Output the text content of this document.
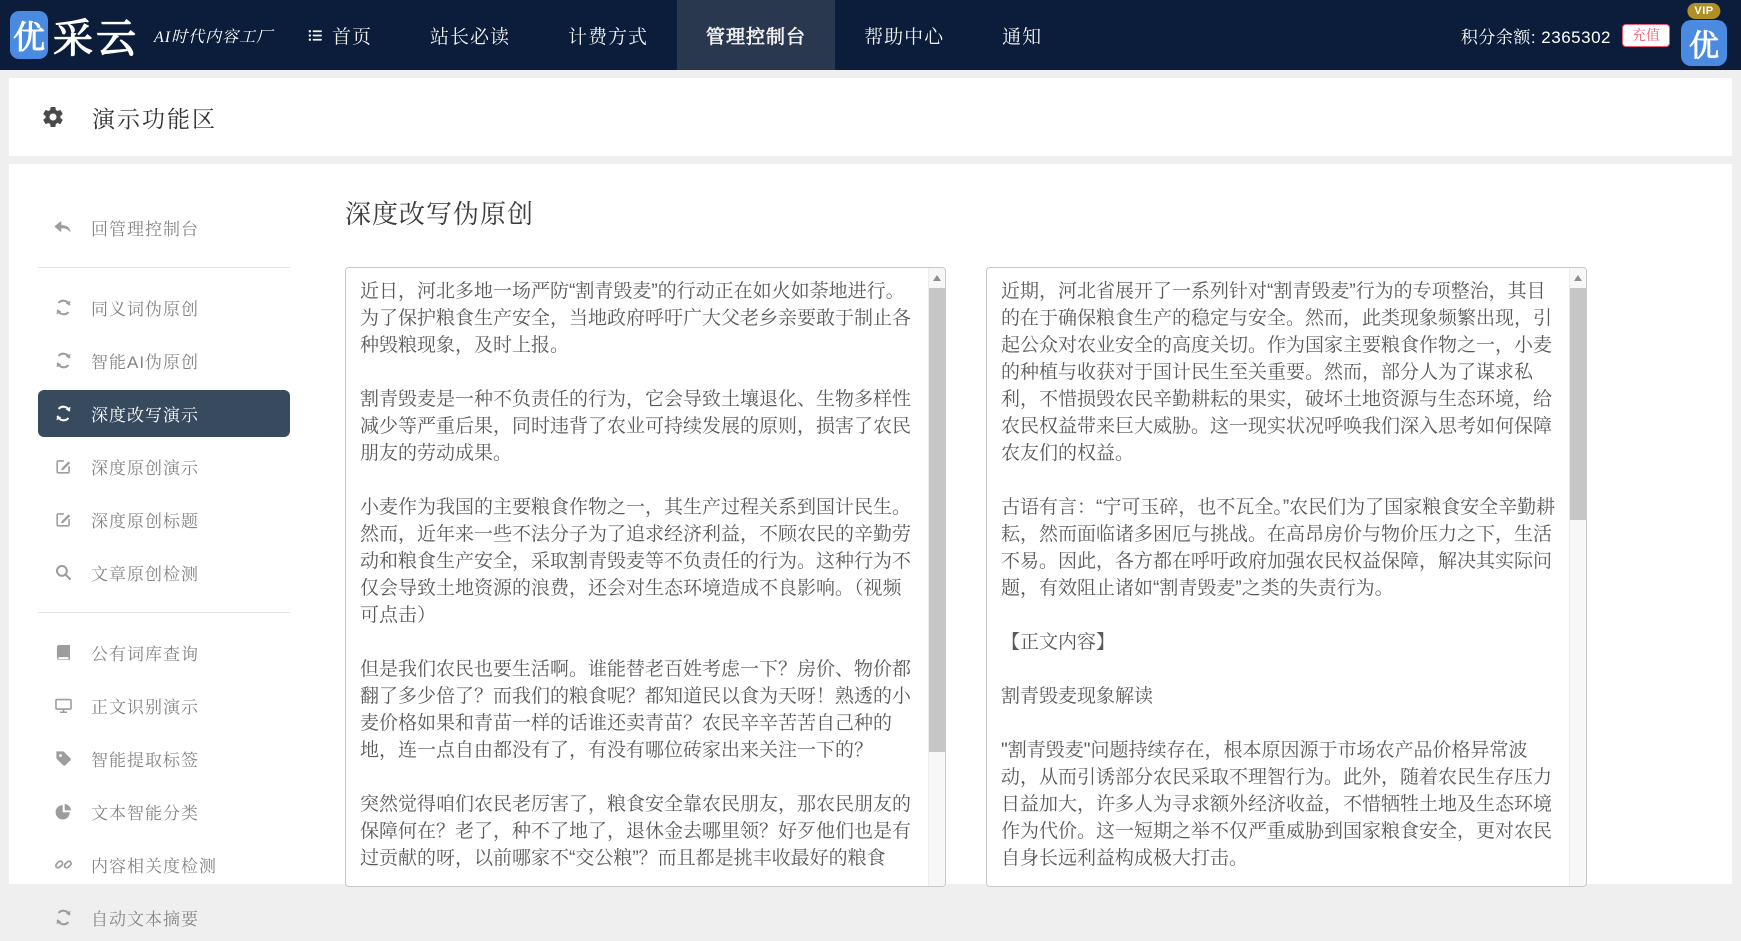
优 采云 AI时代内容工厂	首页	站长必读	计费方式	管理控制台	帮助中心	通知	积分余额: 2365302	充值
VIP
优
演示功能区
回管理控制台
同义词伪原创
智能AI伪原创
深度改写演示
深度原创演示
深度原创标题
文章原创检测
公有词库查询
正文识别演示
智能提取标签
文本智能分类
内容相关度检测
自动文本摘要
深度改写伪原创

近日，河北多地一场严防“割青毁麦”的行动正在如火如荼地进行。为了保护粮食生产安全，当地政府呼吁广大父老乡亲要敢于制止各种毁粮现象，及时上报。

割青毁麦是一种不负责任的行为，它会导致土壤退化、生物多样性减少等严重后果，同时违背了农业可持续发展的原则，损害了农民朋友的劳动成果。

小麦作为我国的主要粮食作物之一，其生产过程关系到国计民生。然而，近年来一些不法分子为了追求经济利益，不顾农民的辛勤劳动和粮食生产安全，采取割青毁麦等不负责任的行为。这种行为不仅会导致土地资源的浪费，还会对生态环境造成不良影响。（视频可点击）

但是我们农民也要生活啊。谁能替老百姓考虑一下？房价、物价都翻了多少倍了？而我们的粮食呢？都知道民以食为天呀！熟透的小麦价格如果和青苗一样的话谁还卖青苗？农民辛辛苦苦自己种的地，连一点自由都没有了，有没有哪位砖家出来关注一下的？

突然觉得咱们农民老厉害了，粮食安全靠农民朋友，那农民朋友的保障何在？老了，种不了地了，退休金去哪里领？好歹他们也是有过贡献的呀，以前哪家不“交公粮”？而且都是挑丰收最好的粮食

近期，河北省展开了一系列针对“割青毁麦”行为的专项整治，其目的在于确保粮食生产的稳定与安全。然而，此类现象频繁出现，引起公众对农业安全的高度关切。作为国家主要粮食作物之一，小麦的种植与收获对于国计民生至关重要。然而，部分人为了谋求私利，不惜损毁农民辛勤耕耘的果实，破坏土地资源与生态环境，给农民权益带来巨大威胁。这一现实状况呼唤我们深入思考如何保障农友们的权益。

古语有言：“宁可玉碎，也不瓦全。”农民们为了国家粮食安全辛勤耕耘，然而面临诸多困厄与挑战。在高昂房价与物价压力之下，生活不易。因此，各方都在呼吁政府加强农民权益保障，解决其实际问题，有效阻止诸如“割青毁麦”之类的失责行为。

【正文内容】

割青毁麦现象解读

"割青毁麦"问题持续存在，根本原因源于市场农产品价格异常波动，从而引诱部分农民采取不理智行为。此外，随着农民生存压力日益加大，许多人为寻求额外经济收益，不惜牺牲土地及生态环境作为代价。这一短期之举不仅严重威胁到国家粮食安全，更对农民自身长远利益构成极大打击。
